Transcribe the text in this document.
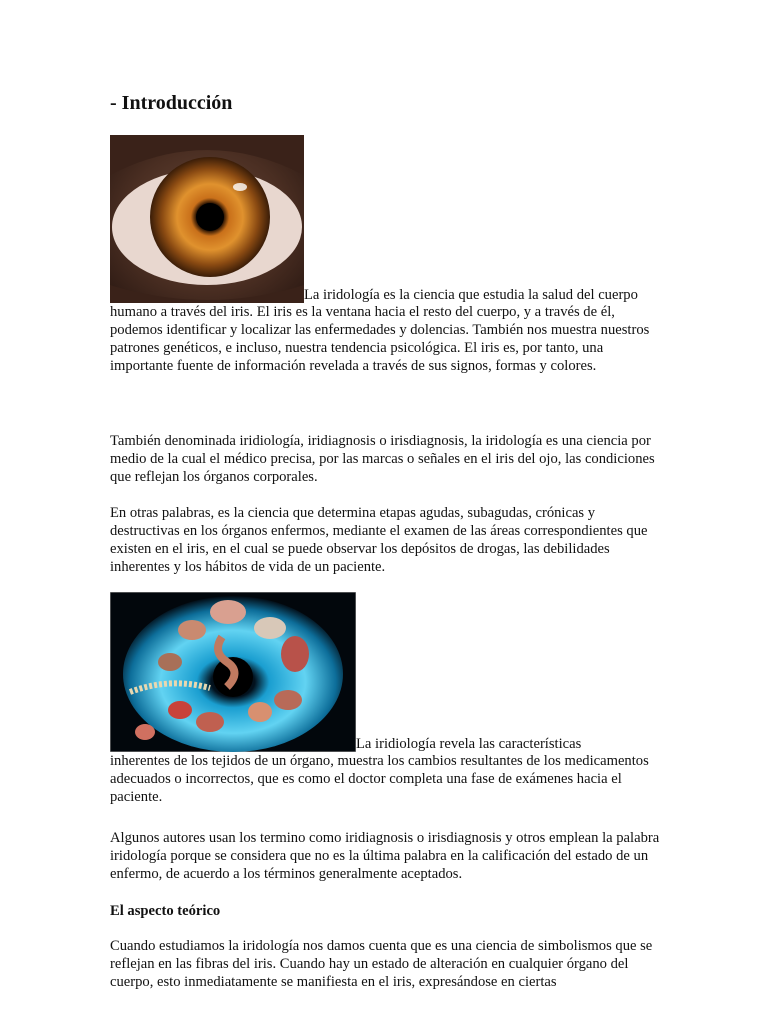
- Introducción
La iridología es la ciencia que estudia la salud del cuerpo
humano a través del iris. El iris es la ventana hacia el resto del cuerpo, y a través de él, podemos identificar y localizar las enfermedades y dolencias. También nos muestra nuestros patrones genéticos, e incluso, nuestra tendencia psicológica. El iris es, por tanto, una importante fuente de información revelada a través de sus signos, formas y colores.

También denominada iridiología, iridiagnosis o irisdiagnosis, la iridología es una ciencia por medio de la cual el médico precisa, por las marcas o señales en el iris del ojo, las condiciones que reflejan los órganos corporales.

En otras palabras, es la ciencia que determina etapas agudas, subagudas, crónicas y destructivas en los órganos enfermos, mediante el examen de las áreas correspondientes que existen en el iris, en el cual se puede observar los depósitos de drogas, las debilidades inherentes y los hábitos de vida de un paciente.

La iridiología revela las características
inherentes de los tejidos de un órgano, muestra los cambios resultantes de los medicamentos adecuados o incorrectos, que es como el doctor completa una fase de exámenes hacia el paciente.

Algunos autores usan los termino como iridiagnosis o irisdiagnosis y otros emplean la palabra iridología porque se considera que no es la última palabra en la calificación del estado de un enfermo, de acuerdo a los términos generalmente aceptados.

El aspecto teórico

Cuando estudiamos la iridología nos damos cuenta que es una ciencia de simbolismos que se reflejan en las fibras del iris. Cuando hay un estado de alteración en cualquier órgano del cuerpo, esto inmediatamente se manifiesta en el iris, expresándose en ciertas
